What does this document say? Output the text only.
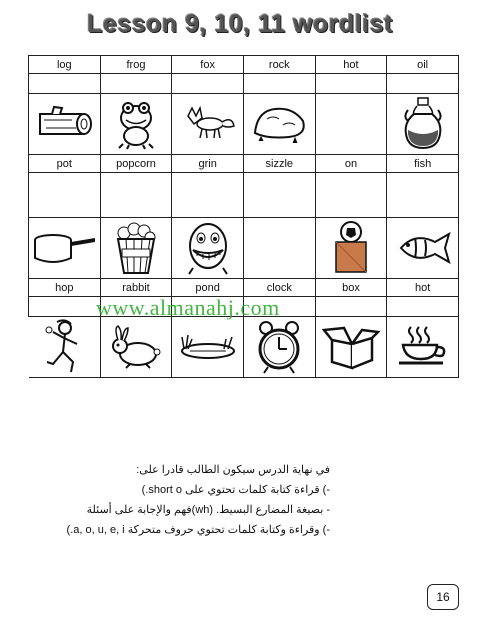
Lesson 9, 10, 11 wordlist
log	frog	fox	rock	hot	oil

pot	popcorn	grin	sizzle	on	fish

hop	rabbit	pond	clock	box	hot

www.almanahj.com
في نهاية الدرس سيكون الطالب قادرا على:
-) قراءة كتابة كلمات تحتوي على short o.)
- بصيغة المضارع البسيط. (wh)فهم والإجابة على أسئلة
-) وقراءة وكتابة كلمات تحتوي حروف متحركة a, o, u, e, i.)
16
